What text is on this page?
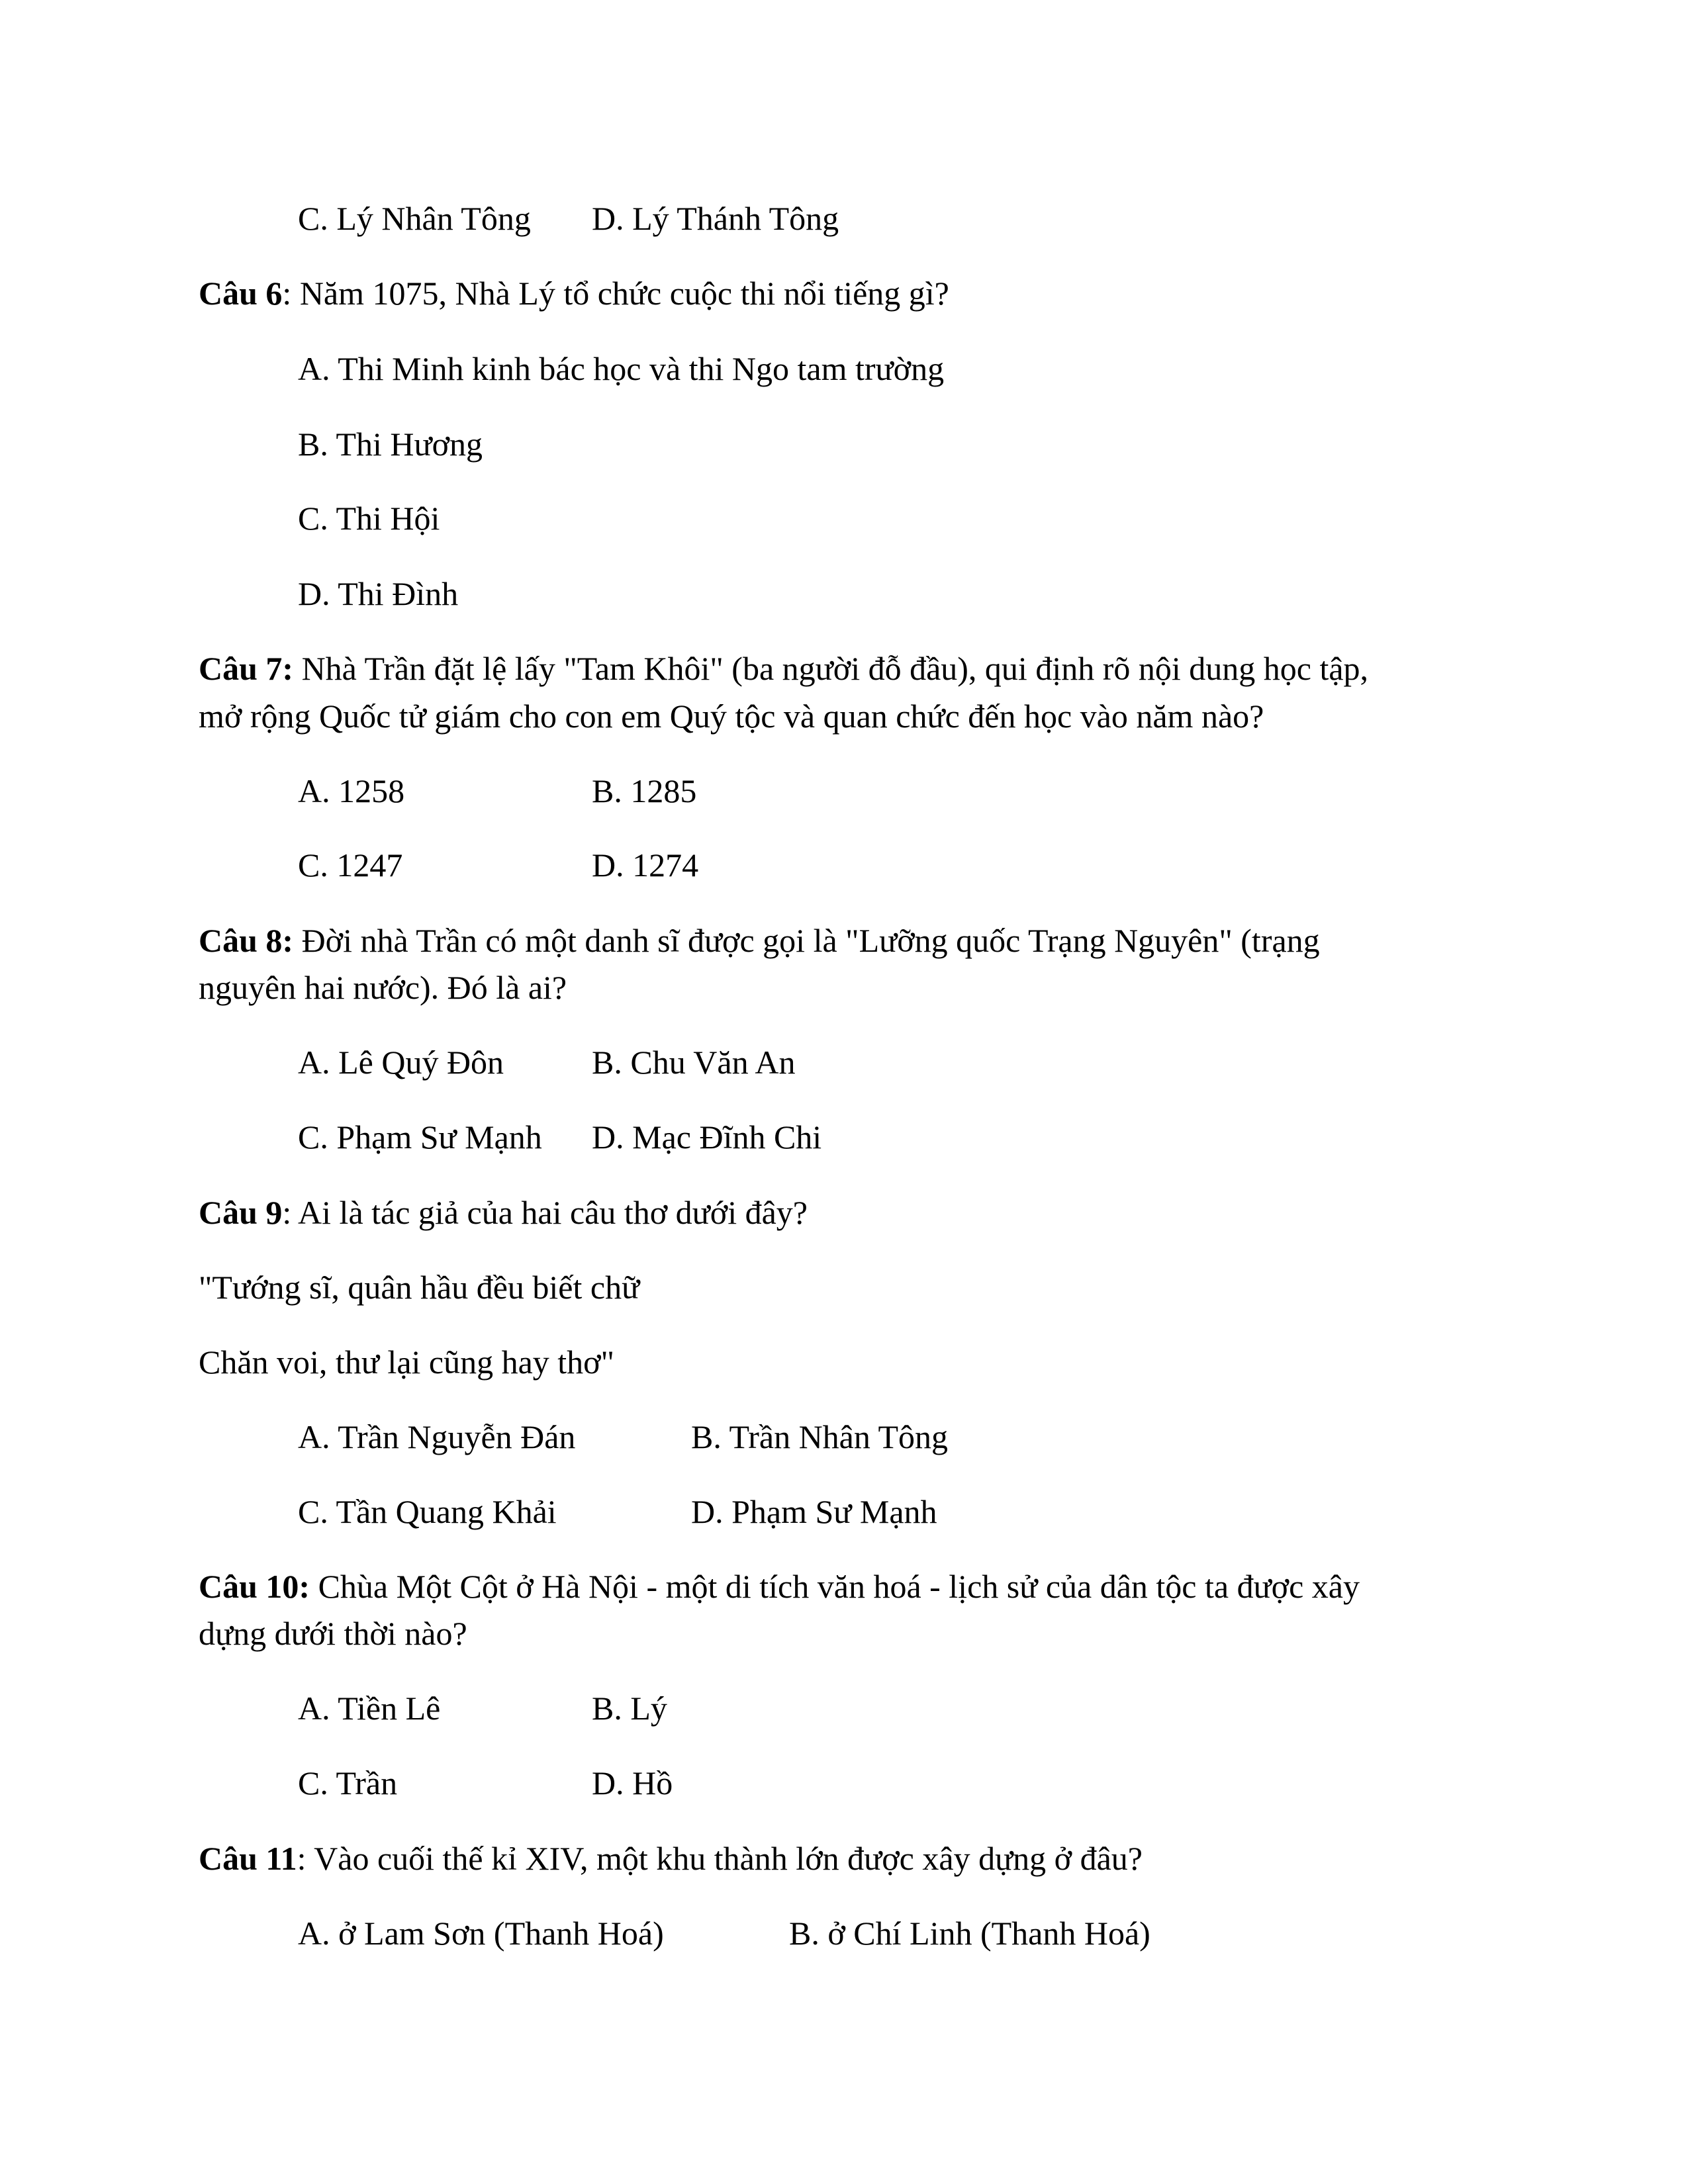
C. Lý Nhân Tông D. Lý Thánh Tông

Câu 6: Năm 1075, Nhà Lý tổ chức cuộc thi nổi tiếng gì?

A. Thi Minh kinh bác học và thi Ngo tam trường

B. Thi Hương

C. Thi Hội

D. Thi Đình

Câu 7: Nhà Trần đặt lệ lấy "Tam Khôi" (ba người đỗ đầu), qui định rõ nội dung học tập,

mở rộng Quốc tử giám cho con em Quý tộc và quan chức đến học vào năm nào?

A. 1258	B. 1285

C. 1247	D. 1274

Câu 8: Đời nhà Trần có một danh sĩ được gọi là "Lưỡng quốc Trạng Nguyên" (trạng

nguyên hai nước). Đó là ai?

A. Lê Quý Đôn	B. Chu Văn An

C. Phạm Sư Mạnh D. Mạc Đĩnh Chi

Câu 9: Ai là tác giả của hai câu thơ dưới đây?

"Tướng sĩ, quân hầu đều biết chữ

Chăn voi, thư lại cũng hay thơ"

A. Trần Nguyễn Đán	B. Trần Nhân Tông

C. Tần Quang Khải	D. Phạm Sư Mạnh

Câu 10: Chùa Một Cột ở Hà Nội - một di tích văn hoá - lịch sử của dân tộc ta được xây

dựng dưới thời nào?

A. Tiền Lê	B. Lý

C. Trần	D. Hồ

Câu 11: Vào cuối thế kỉ XIV, một khu thành lớn được xây dựng ở đâu?

A. ở Lam Sơn (Thanh Hoá)	B. ở Chí Linh (Thanh Hoá)
